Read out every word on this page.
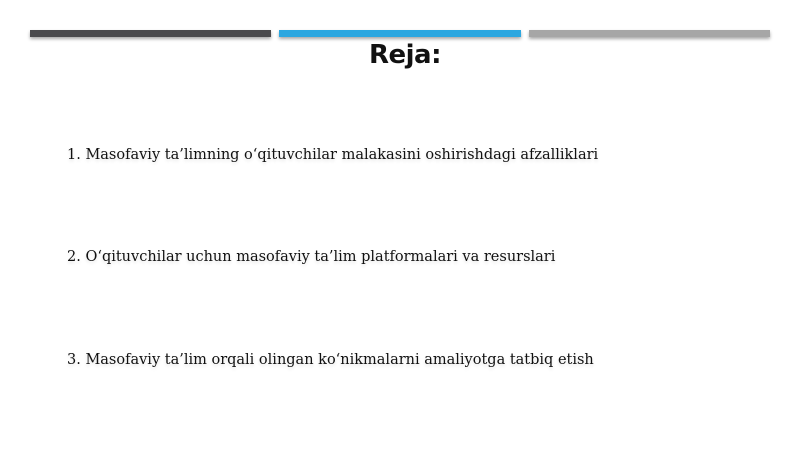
Reja:
1. Masofaviy ta’limning o‘qituvchilar malakasini oshirishdagi afzalliklari
2. O‘qituvchilar uchun masofaviy ta’lim platformalari va resurslari
3. Masofaviy ta’lim orqali olingan ko‘nikmalarni amaliyotga tatbiq etish
